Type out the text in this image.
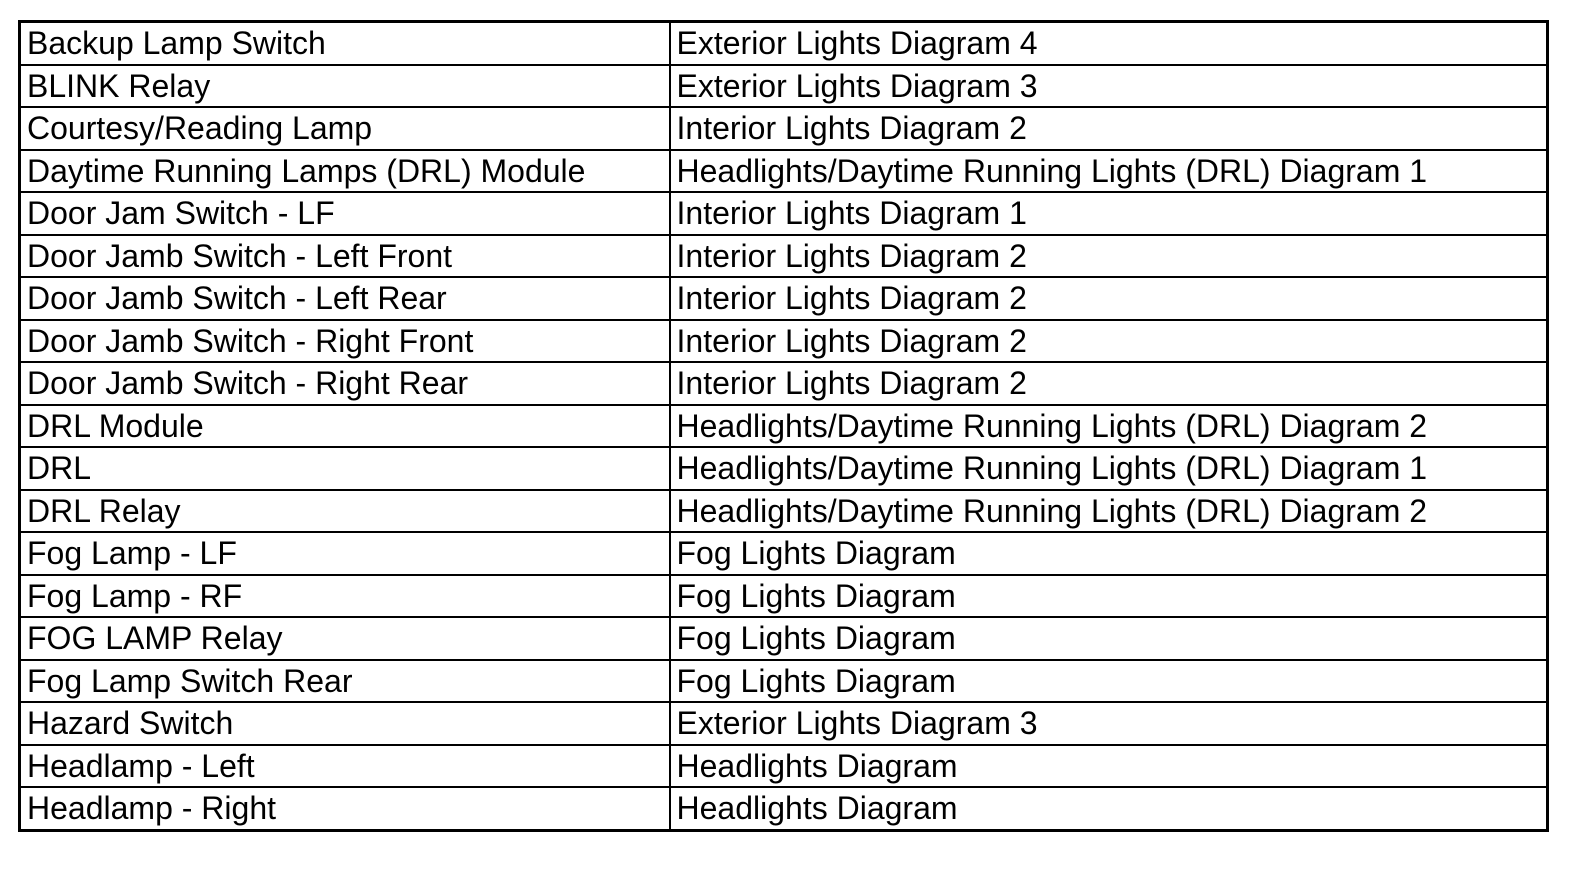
Backup Lamp Switch	Exterior Lights Diagram 4
BLINK Relay	Exterior Lights Diagram 3
Courtesy/Reading Lamp	Interior Lights Diagram 2
Daytime Running Lamps (DRL) Module	Headlights/Daytime Running Lights (DRL) Diagram 1
Door Jam Switch - LF	Interior Lights Diagram 1
Door Jamb Switch - Left Front	Interior Lights Diagram 2
Door Jamb Switch - Left Rear	Interior Lights Diagram 2
Door Jamb Switch - Right Front	Interior Lights Diagram 2
Door Jamb Switch - Right Rear	Interior Lights Diagram 2
DRL Module	Headlights/Daytime Running Lights (DRL) Diagram 2
DRL	Headlights/Daytime Running Lights (DRL) Diagram 1
DRL Relay	Headlights/Daytime Running Lights (DRL) Diagram 2
Fog Lamp - LF	Fog Lights Diagram
Fog Lamp - RF	Fog Lights Diagram
FOG LAMP Relay	Fog Lights Diagram
Fog Lamp Switch Rear	Fog Lights Diagram
Hazard Switch	Exterior Lights Diagram 3
Headlamp - Left	Headlights Diagram
Headlamp - Right	Headlights Diagram
